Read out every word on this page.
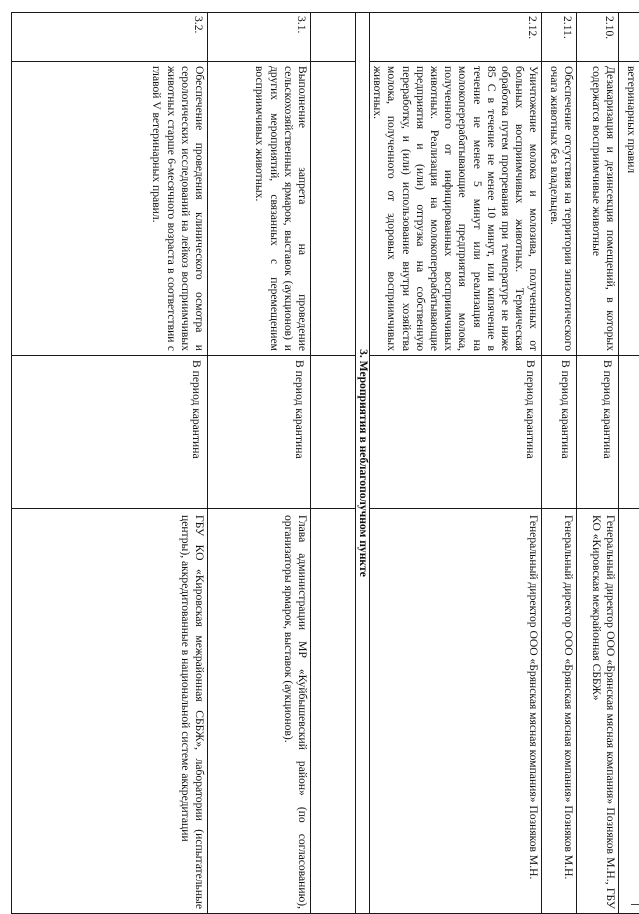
	ветеринарных правил		
2.10.	Дезакаризация и дезинсекция помещений, в которых содержатся восприимчивые животные	В период карантина	Генеральный директор ООО «Брянская мясная компания» Позняков М.Н., ГБУ КО «Кировская межрайонная СББЖ»
2.11.	Обеспечение отсутствия на территории эпизоотического очага животных без владельцев.	В период карантина	Генеральный директор ООО «Брянская мясная компания» Позняков М.Н.
2.12.	Уничтожение молока и молозива, полученных от больных восприимчивых животных. Термическая обработка путем прогревания при температуре не ниже 85 С в течение не менее 10 минут, или кипячение в течение не менее 5 минут или реализация на молокоперерабатывающие предприятия молока, полученного от инфицированных восприимчивых животных. Реализация на молокоперерабатывающие предприятия и (или) отгрузка на собственную переработку, и (или) использование внутри хозяйства молока, полученного от здоровых восприимчивых животных.	В период карантина	Генеральный директор ООО «Брянская мясная компания» Позняков М.Н.
3. Мероприятия в неблагополучном пункте			

3.1.	Выполнение запрета на проведение сельскохозяйственных ярмарок, выставок (аукционов) и других мероприятий, связанных с перемещением восприимчивых животных.	В период карантина	Глава администрации МР «Куйбышевский район» (по согласованию), организаторы ярмарок, выставок (аукционов).
3.2.	Обеспечение проведения клинического осмотра и серологических исследований на лейкоз восприимчивых животных старше 6-месячного возраста в соответствии с главой V ветеринарных правил.	В период карантина	ГБУ КО «Кировская межрайонная СББЖ», лаборатории (испытательные центры), аккредитованные в национальной системе аккредитации
